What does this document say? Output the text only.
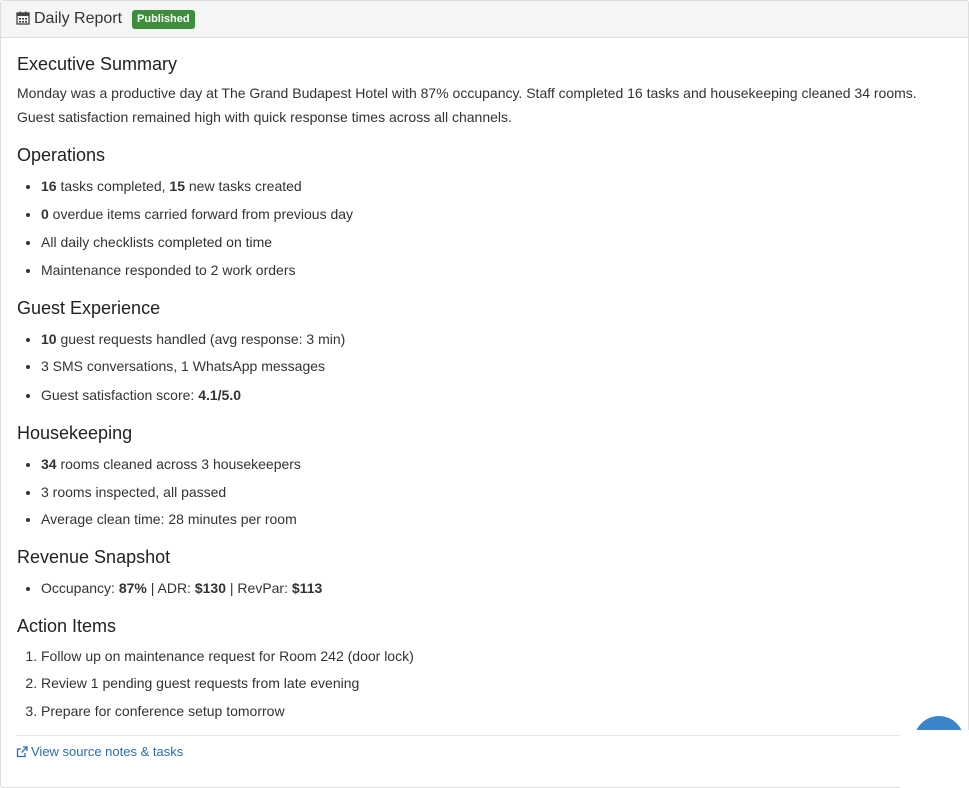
Daily Report	Published
Executive Summary

Monday was a productive day at The Grand Budapest Hotel with 87% occupancy. Staff completed 16 tasks and housekeeping cleaned 34 rooms. Guest satisfaction remained high with quick response times across all channels.

Operations
• 16 tasks completed, 15 new tasks created
• 0 overdue items carried forward from previous day
• All daily checklists completed on time
• Maintenance responded to 2 work orders
Guest Experience
• 10 guest requests handled (avg response: 3 min)
• 3 SMS conversations, 1 WhatsApp messages
• Guest satisfaction score: 4.1/5.0
Housekeeping
• 34 rooms cleaned across 3 housekeepers
• 3 rooms inspected, all passed
• Average clean time: 28 minutes per room
Revenue Snapshot
• Occupancy: 87% | ADR: $130 | RevPar: $113
Action Items
1. Follow up on maintenance request for Room 242 (door lock)
2. Review 1 pending guest requests from late evening
3. Prepare for conference setup tomorrow
View source notes & tasks
